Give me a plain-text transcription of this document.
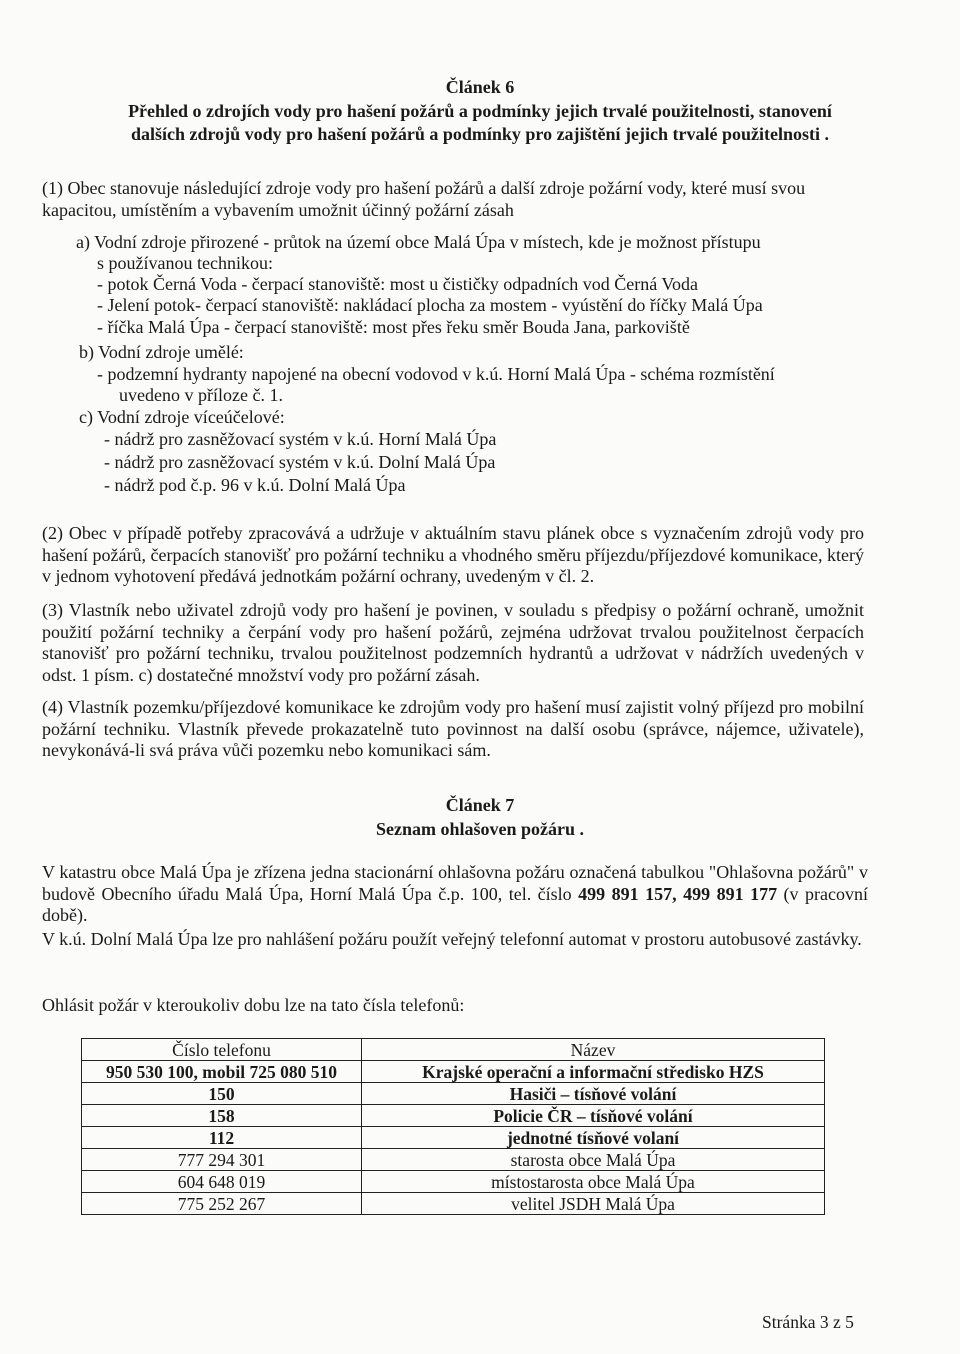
Článek 6
Přehled o zdrojích vody pro hašení požárů a podmínky jejich trvalé použitelnosti, stanovení
dalších zdrojů vody pro hašení požárů a podmínky pro zajištění jejich trvalé použitelnosti .
(1) Obec stanovuje následující zdroje vody pro hašení požárů a další zdroje požární vody, které musí svou kapacitou, umístěním a vybavením umožnit účinný požární zásah
a) Vodní zdroje přirozené - průtok na území obce Malá Úpa v místech, kde je možnost přístupu
s používanou technikou:
- potok Černá Voda - čerpací stanoviště: most u čističky odpadních vod Černá Voda
- Jelení potok- čerpací stanoviště: nakládací plocha za mostem - vyústění do říčky Malá Úpa
- říčka Malá Úpa - čerpací stanoviště: most přes řeku směr Bouda Jana, parkoviště
b) Vodní zdroje umělé:
- podzemní hydranty napojené na obecní vodovod v k.ú. Horní Malá Úpa - schéma rozmístění
uvedeno v příloze č. 1.
c) Vodní zdroje víceúčelové:
- nádrž pro zasněžovací systém v k.ú. Horní Malá Úpa
- nádrž pro zasněžovací systém v k.ú. Dolní Malá Úpa
- nádrž pod č.p. 96 v k.ú. Dolní Malá Úpa
(2) Obec v případě potřeby zpracovává a udržuje v aktuálním stavu plánek obce s vyznačením zdrojů vody pro hašení požárů, čerpacích stanovišť pro požární techniku a vhodného směru příjezdu/příjezdové komunikace, který v jednom vyhotovení předává jednotkám požární ochrany, uvedeným v čl. 2.
(3) Vlastník nebo uživatel zdrojů vody pro hašení je povinen, v souladu s předpisy o požární ochraně, umožnit použití požární techniky a čerpání vody pro hašení požárů, zejména udržovat trvalou použitelnost čerpacích stanovišť pro požární techniku, trvalou použitelnost podzemních hydrantů a udržovat v nádržích uvedených v odst. 1 písm. c) dostatečné množství vody pro požární zásah.
(4) Vlastník pozemku/příjezdové komunikace ke zdrojům vody pro hašení musí zajistit volný příjezd pro mobilní požární techniku. Vlastník převede prokazatelně tuto povinnost na další osobu (správce, nájemce, uživatele), nevykonává-li svá práva vůči pozemku nebo komunikaci sám.
Článek 7
Seznam ohlašoven požáru .
V katastru obce Malá Úpa je zřízena jedna stacionární ohlašovna požáru označená tabulkou "Ohlašovna požárů" v budově Obecního úřadu Malá Úpa, Horní Malá Úpa č.p. 100, tel. číslo 499 891 157, 499 891 177 (v pracovní době).
V k.ú. Dolní Malá Úpa lze pro nahlášení požáru použít veřejný telefonní automat v prostoru autobusové zastávky.
Ohlásit požár v kteroukoliv dobu lze na tato čísla telefonů:
Číslo telefonu	Název
950 530 100, mobil 725 080 510	Krajské operační a informační středisko HZS
150	Hasiči – tísňové volání
158	Policie ČR – tísňové volání
112	jednotné tísňové volaní
777 294 301	starosta obce Malá Úpa
604 648 019	místostarosta obce Malá Úpa
775 252 267	velitel JSDH Malá Úpa
Stránka 3 z 5
